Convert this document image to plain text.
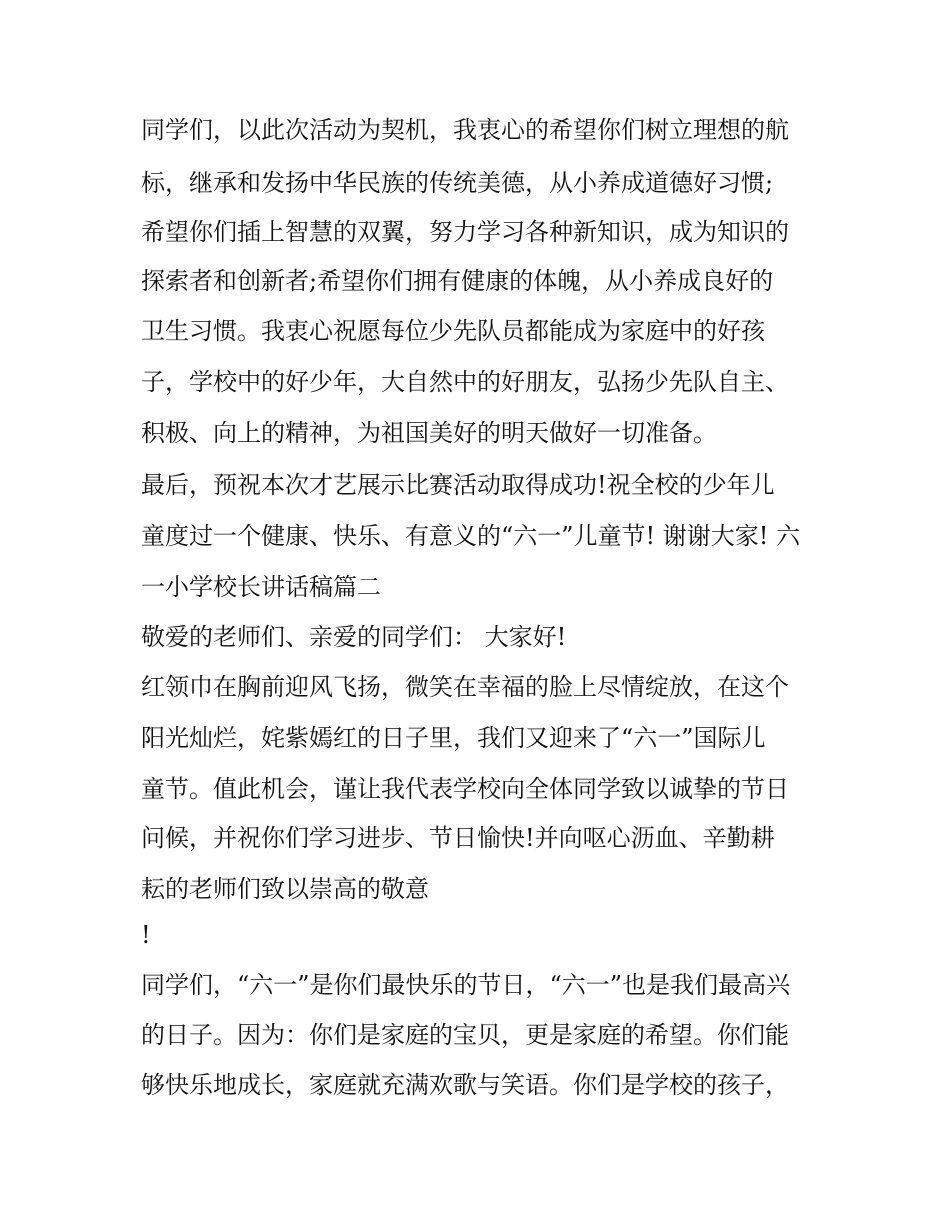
同学们，以此次活动为契机，我衷心的希望你们树立理想的航
标，继承和发扬中华民族的传统美德，从小养成道德好习惯;
希望你们插上智慧的双翼，努力学习各种新知识，成为知识的
探索者和创新者;希望你们拥有健康的体魄，从小养成良好的
卫生习惯。我衷心祝愿每位少先队员都能成为家庭中的好孩
子，学校中的好少年，大自然中的好朋友，弘扬少先队自主、
积极、向上的精神，为祖国美好的明天做好一切准备。
最后，预祝本次才艺展示比赛活动取得成功!祝全校的少年儿
童度过一个健康、快乐、有意义的“六一”儿童节! 谢谢大家! 六
一小学校长讲话稿篇二
敬爱的老师们、亲爱的同学们： 大家好!
红领巾在胸前迎风飞扬，微笑在幸福的脸上尽情绽放，在这个
阳光灿烂，姹紫嫣红的日子里，我们又迎来了“六一”国际儿
童节。值此机会，谨让我代表学校向全体同学致以诚挚的节日
问候，并祝你们学习进步、节日愉快!并向呕心沥血、辛勤耕
耘的老师们致以崇高的敬意
!
同学们，“六一”是你们最快乐的节日，“六一”也是我们最高兴
的日子。因为：你们是家庭的宝贝，更是家庭的希望。你们能
够快乐地成长，家庭就充满欢歌与笑语。你们是学校的孩子，
